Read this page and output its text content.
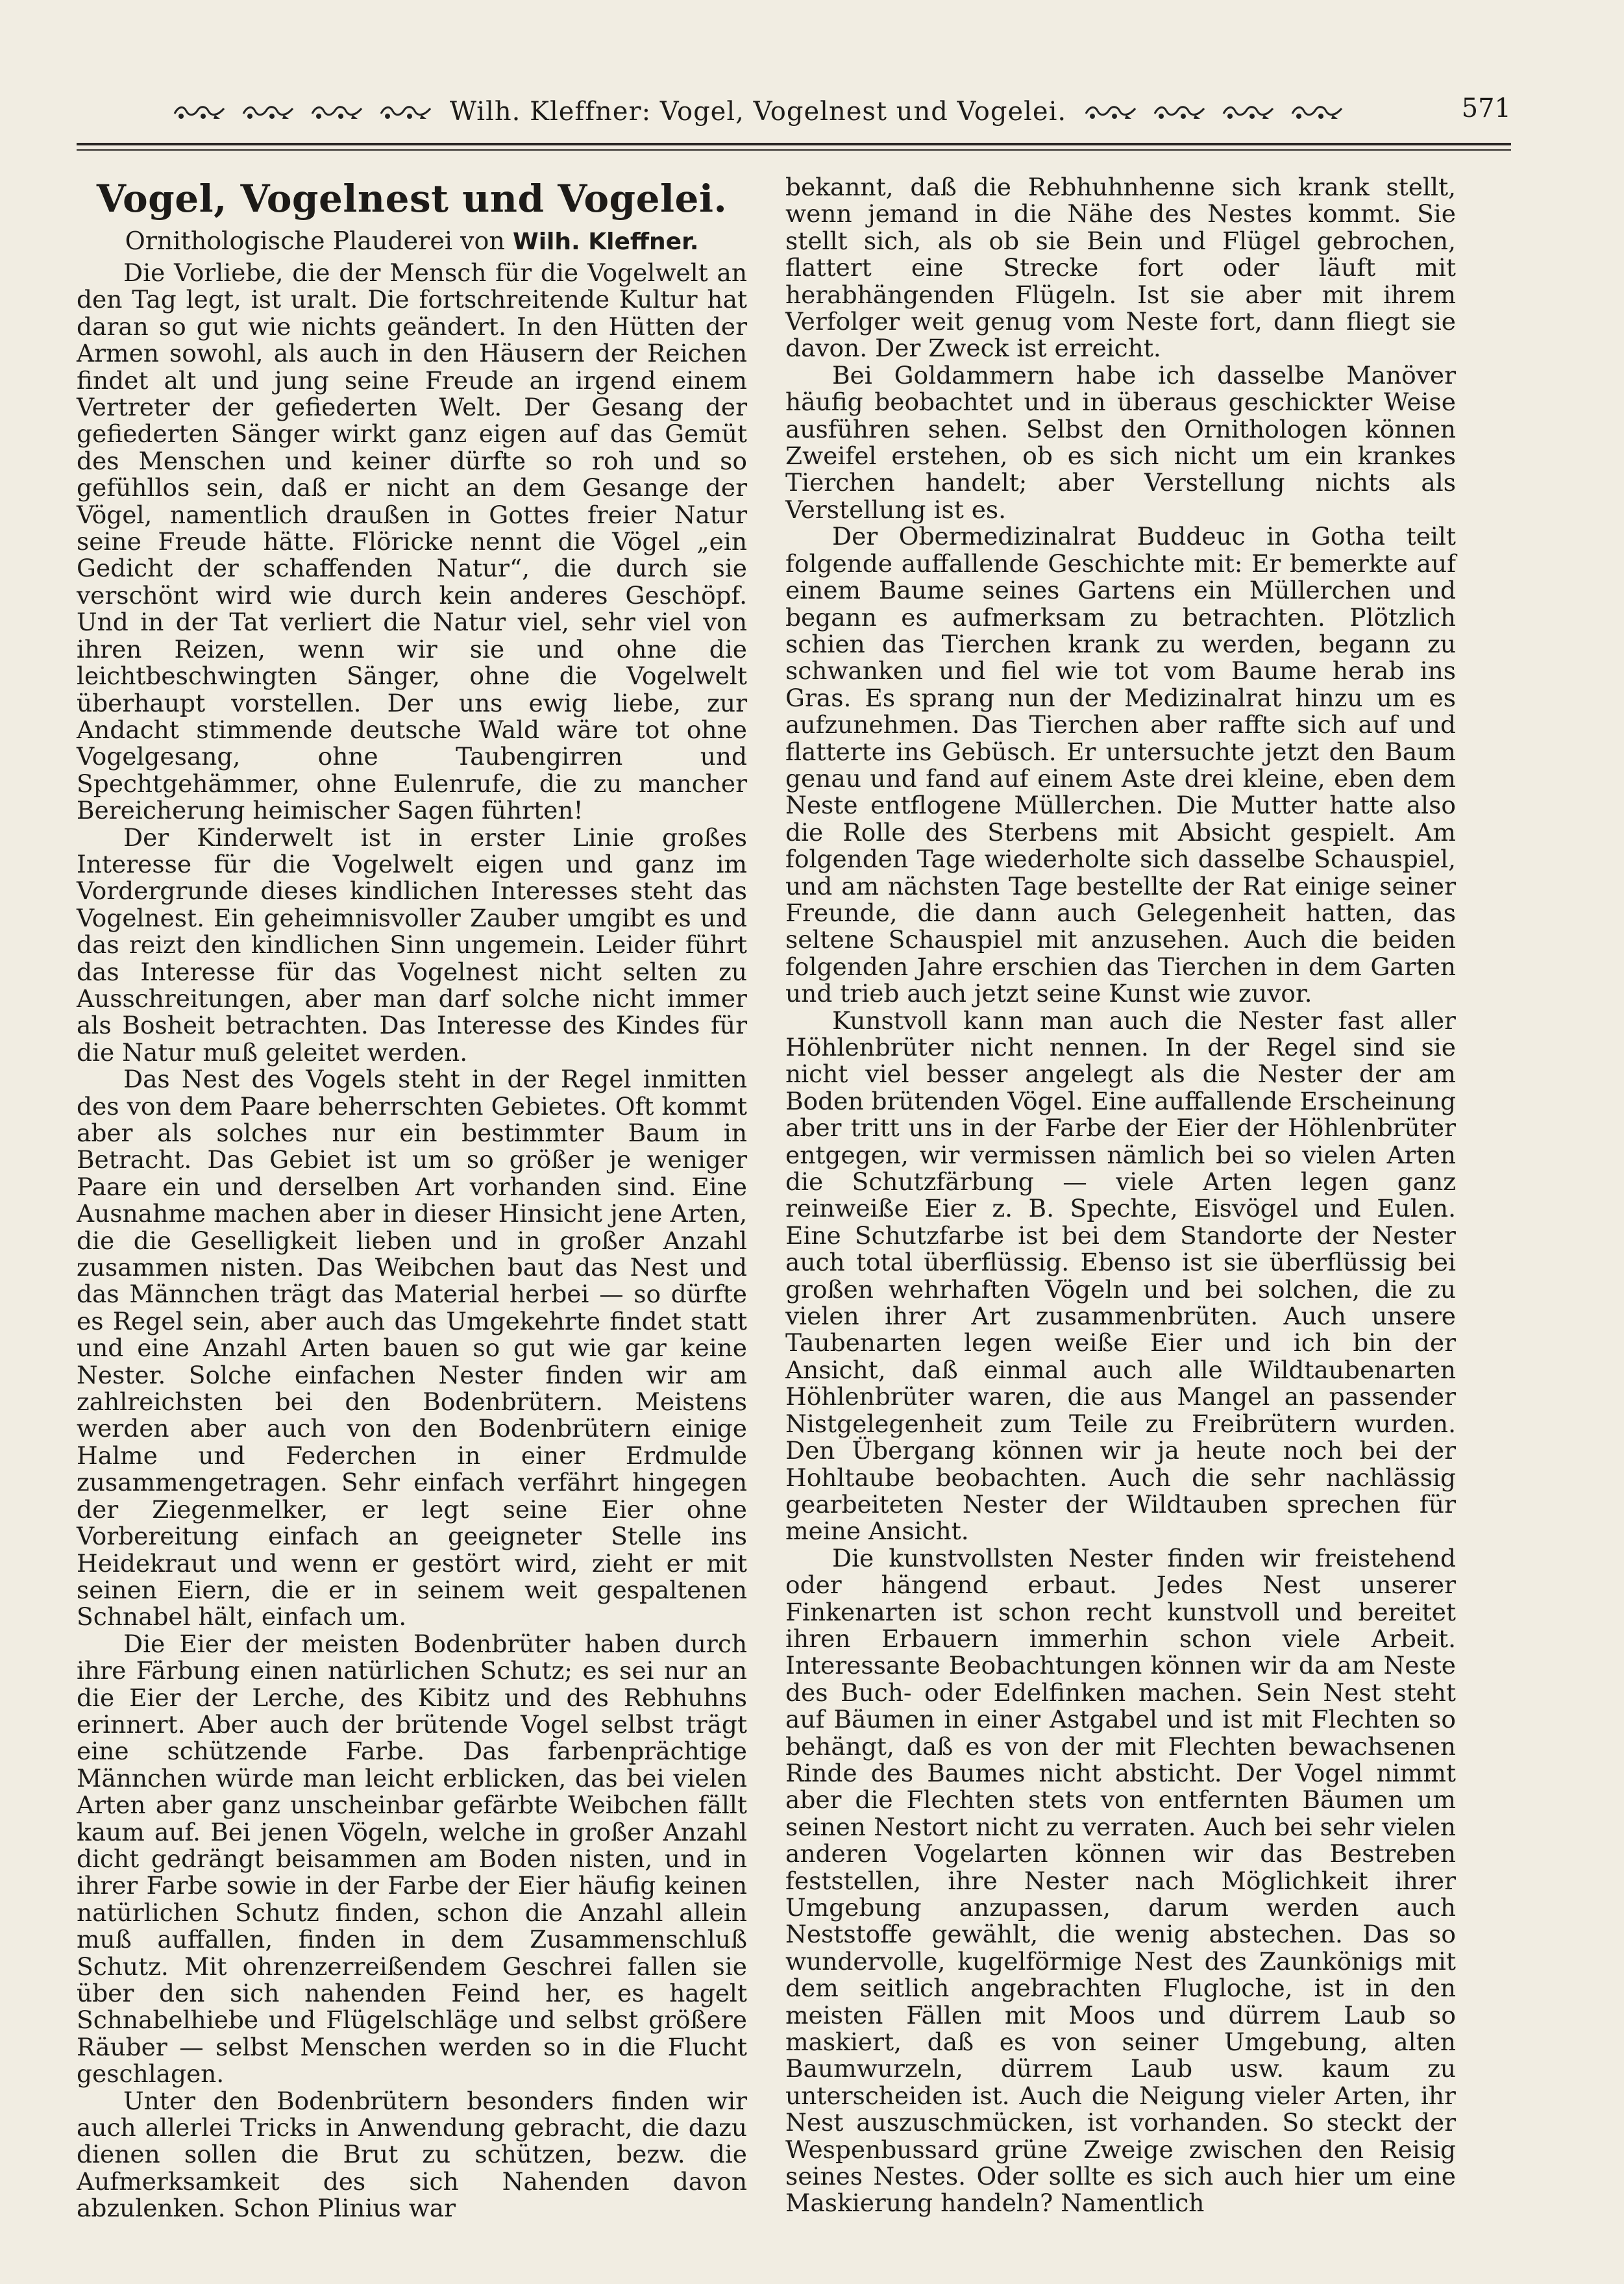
Wilh. Kleffner: Vogel, Vogelnest und Vogelei.	571
Vogel, Vogelnest und Vogelei.
Ornithologische Plauderei von Wilh. Kleffner.

Die Vorliebe, die der Mensch für die Vogelwelt an den Tag legt, ist uralt. Die fortschreitende Kultur hat daran so gut wie nichts geändert. In den Hütten der Armen sowohl, als auch in den Häusern der Reichen findet alt und jung seine Freude an irgend einem Vertreter der gefiederten Welt. Der Gesang der gefiederten Sänger wirkt ganz eigen auf das Gemüt des Menschen und keiner dürfte so roh und so gefühllos sein, daß er nicht an dem Gesange der Vögel, namentlich draußen in Gottes freier Natur seine Freude hätte. Flöricke nennt die Vögel „ein Gedicht der schaffenden Natur“, die durch sie verschönt wird wie durch kein anderes Geschöpf. Und in der Tat verliert die Natur viel, sehr viel von ihren Reizen, wenn wir sie und ohne die leichtbeschwingten Sänger, ohne die Vogelwelt überhaupt vorstellen. Der uns ewig liebe, zur Andacht stimmende deutsche Wald wäre tot ohne Vogelgesang, ohne Taubengirren und Spechtgehämmer, ohne Eulenrufe, die zu mancher Bereicherung heimischer Sagen führten!

Der Kinderwelt ist in erster Linie großes Interesse für die Vogelwelt eigen und ganz im Vordergrunde dieses kindlichen Interesses steht das Vogelnest. Ein geheimnisvoller Zauber umgibt es und das reizt den kindlichen Sinn ungemein. Leider führt das Interesse für das Vogelnest nicht selten zu Ausschreitungen, aber man darf solche nicht immer als Bosheit betrachten. Das Interesse des Kindes für die Natur muß geleitet werden.

Das Nest des Vogels steht in der Regel inmitten des von dem Paare beherrschten Gebietes. Oft kommt aber als solches nur ein bestimmter Baum in Betracht. Das Gebiet ist um so größer je weniger Paare ein und derselben Art vorhanden sind. Eine Ausnahme machen aber in dieser Hinsicht jene Arten, die die Geselligkeit lieben und in großer Anzahl zusammen nisten. Das Weibchen baut das Nest und das Männchen trägt das Material herbei — so dürfte es Regel sein, aber auch das Umgekehrte findet statt und eine Anzahl Arten bauen so gut wie gar keine Nester. Solche einfachen Nester finden wir am zahlreichsten bei den Bodenbrütern. Meistens werden aber auch von den Bodenbrütern einige Halme und Federchen in einer Erdmulde zusammengetragen. Sehr einfach verfährt hingegen der Ziegenmelker, er legt seine Eier ohne Vorbereitung einfach an geeigneter Stelle ins Heidekraut und wenn er gestört wird, zieht er mit seinen Eiern, die er in seinem weit gespaltenen Schnabel hält, einfach um.

Die Eier der meisten Bodenbrüter haben durch ihre Färbung einen natürlichen Schutz; es sei nur an die Eier der Lerche, des Kibitz und des Rebhuhns erinnert. Aber auch der brütende Vogel selbst trägt eine schützende Farbe. Das farbenprächtige Männchen würde man leicht erblicken, das bei vielen Arten aber ganz unscheinbar gefärbte Weibchen fällt kaum auf. Bei jenen Vögeln, welche in großer Anzahl dicht gedrängt beisammen am Boden nisten, und in ihrer Farbe sowie in der Farbe der Eier häufig keinen natürlichen Schutz finden, schon die Anzahl allein muß auffallen, finden in dem Zusammenschluß Schutz. Mit ohrenzerreißendem Geschrei fallen sie über den sich nahenden Feind her, es hagelt Schnabelhiebe und Flügelschläge und selbst größere Räuber — selbst Menschen werden so in die Flucht geschlagen.

Unter den Bodenbrütern besonders finden wir auch allerlei Tricks in Anwendung gebracht, die dazu dienen sollen die Brut zu schützen, bezw. die Aufmerksamkeit des sich Nahenden davon abzulenken. Schon Plinius war

bekannt, daß die Rebhuhnhenne sich krank stellt, wenn jemand in die Nähe des Nestes kommt. Sie stellt sich, als ob sie Bein und Flügel gebrochen, flattert eine Strecke fort oder läuft mit herabhängenden Flügeln. Ist sie aber mit ihrem Verfolger weit genug vom Neste fort, dann fliegt sie davon. Der Zweck ist erreicht.

Bei Goldammern habe ich dasselbe Manöver häufig beobachtet und in überaus geschickter Weise ausführen sehen. Selbst den Ornithologen können Zweifel erstehen, ob es sich nicht um ein krankes Tierchen handelt; aber Verstellung nichts als Verstellung ist es.

Der Obermedizinalrat Buddeuc in Gotha teilt folgende auffallende Geschichte mit: Er bemerkte auf einem Baume seines Gartens ein Müllerchen und begann es aufmerksam zu betrachten. Plötzlich schien das Tierchen krank zu werden, begann zu schwanken und fiel wie tot vom Baume herab ins Gras. Es sprang nun der Medizinalrat hinzu um es aufzunehmen. Das Tierchen aber raffte sich auf und flatterte ins Gebüsch. Er untersuchte jetzt den Baum genau und fand auf einem Aste drei kleine, eben dem Neste entflogene Müllerchen. Die Mutter hatte also die Rolle des Sterbens mit Absicht gespielt. Am folgenden Tage wiederholte sich dasselbe Schauspiel, und am nächsten Tage bestellte der Rat einige seiner Freunde, die dann auch Gelegenheit hatten, das seltene Schauspiel mit anzusehen. Auch die beiden folgenden Jahre erschien das Tierchen in dem Garten und trieb auch jetzt seine Kunst wie zuvor.

Kunstvoll kann man auch die Nester fast aller Höhlenbrüter nicht nennen. In der Regel sind sie nicht viel besser angelegt als die Nester der am Boden brütenden Vögel. Eine auffallende Erscheinung aber tritt uns in der Farbe der Eier der Höhlenbrüter entgegen, wir vermissen nämlich bei so vielen Arten die Schutzfärbung — viele Arten legen ganz reinweiße Eier z. B. Spechte, Eisvögel und Eulen. Eine Schutzfarbe ist bei dem Standorte der Nester auch total überflüssig. Ebenso ist sie überflüssig bei großen wehrhaften Vögeln und bei solchen, die zu vielen ihrer Art zusammenbrüten. Auch unsere Taubenarten legen weiße Eier und ich bin der Ansicht, daß einmal auch alle Wildtaubenarten Höhlenbrüter waren, die aus Mangel an passender Nistgelegenheit zum Teile zu Freibrütern wurden. Den Übergang können wir ja heute noch bei der Hohltaube beobachten. Auch die sehr nachlässig gearbeiteten Nester der Wildtauben sprechen für meine Ansicht.

Die kunstvollsten Nester finden wir freistehend oder hängend erbaut. Jedes Nest unserer Finkenarten ist schon recht kunstvoll und bereitet ihren Erbauern immerhin schon viele Arbeit. Interessante Beobachtungen können wir da am Neste des Buch- oder Edelfinken machen. Sein Nest steht auf Bäumen in einer Astgabel und ist mit Flechten so behängt, daß es von der mit Flechten bewachsenen Rinde des Baumes nicht absticht. Der Vogel nimmt aber die Flechten stets von entfernten Bäumen um seinen Nestort nicht zu verraten. Auch bei sehr vielen anderen Vogelarten können wir das Bestreben feststellen, ihre Nester nach Möglichkeit ihrer Umgebung anzupassen, darum werden auch Neststoffe gewählt, die wenig abstechen. Das so wundervolle, kugelförmige Nest des Zaunkönigs mit dem seitlich angebrachten Flugloche, ist in den meisten Fällen mit Moos und dürrem Laub so maskiert, daß es von seiner Umgebung, alten Baumwurzeln, dürrem Laub usw. kaum zu unterscheiden ist. Auch die Neigung vieler Arten, ihr Nest auszuschmücken, ist vorhanden. So steckt der Wespenbussard grüne Zweige zwischen den Reisig seines Nestes. Oder sollte es sich auch hier um eine Maskierung handeln? Namentlich
